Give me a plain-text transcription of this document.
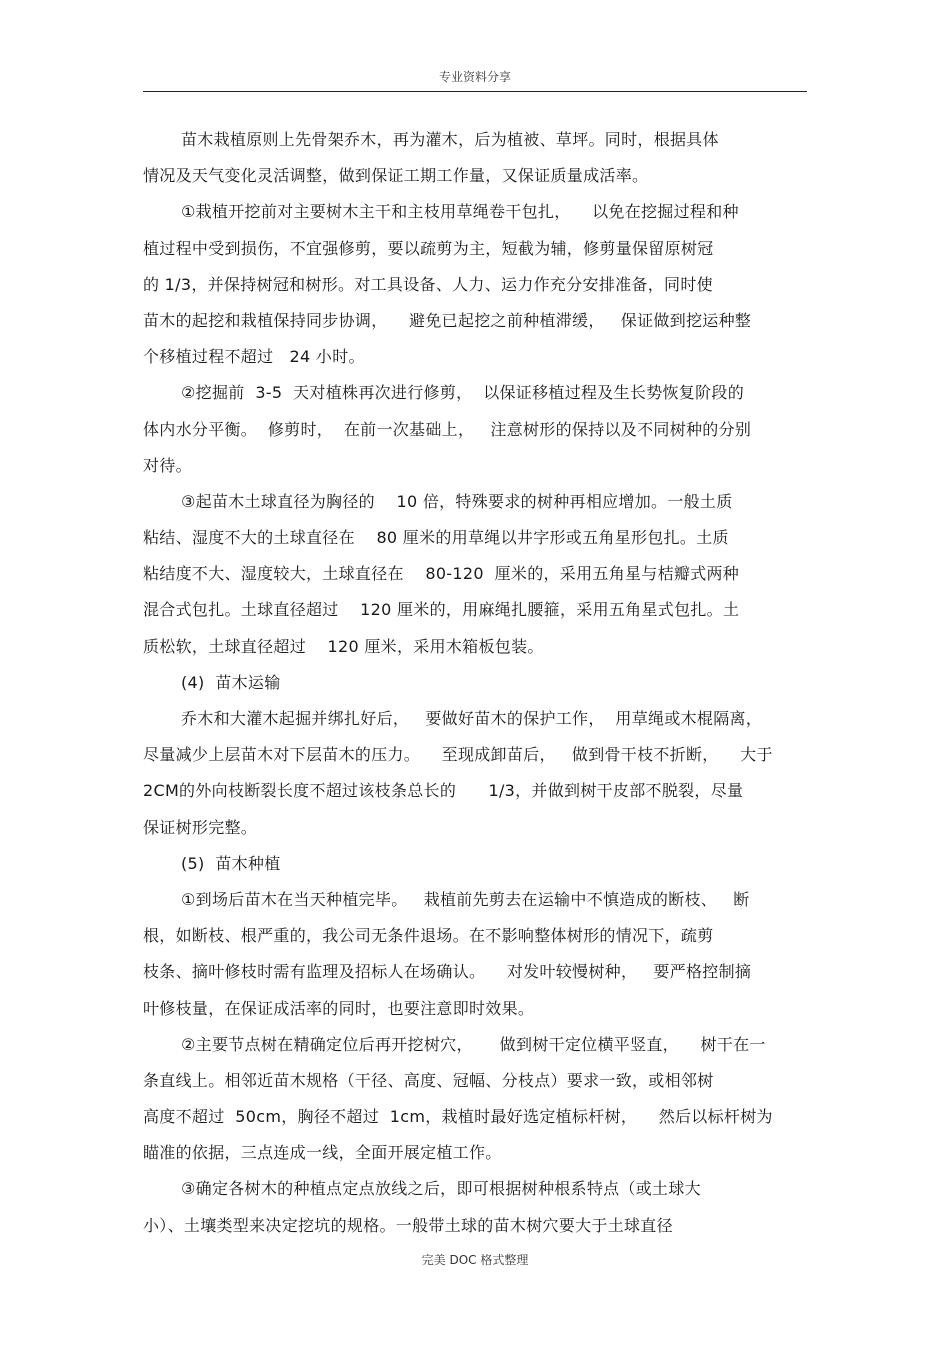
专业资料分享
苗木栽植原则上先骨架乔木，再为灌木，后为植被、草坪。同时，根据具体
情况及天气变化灵活调整，做到保证工期工作量，又保证质量成活率。
①栽植开挖前对主要树木主干和主枝用草绳卷干包扎，    以免在挖掘过程和种
植过程中受到损伤，不宜强修剪，要以疏剪为主，短截为辅，修剪量保留原树冠
的 1/3，并保持树冠和树形。对工具设备、人力、运力作充分安排准备，同时使
苗木的起挖和栽植保持同步协调，    避免已起挖之前种植滞缓，   保证做到挖运种整
个移植过程不超过   24 小时。
②挖掘前  3-5  天对植株再次进行修剪，  以保证移植过程及生长势恢复阶段的
体内水分平衡。  修剪时，  在前一次基础上，   注意树形的保持以及不同树种的分别
对待。
③起苗木土球直径为胸径的    10 倍，特殊要求的树种再相应增加。一般土质
粘结、湿度不大的土球直径在    80 厘米的用草绳以井字形或五角星形包扎。土质
粘结度不大、湿度较大，土球直径在    80-120  厘米的，采用五角星与桔瓣式两种
混合式包扎。土球直径超过    120 厘米的，用麻绳扎腰箍，采用五角星式包扎。土
质松软，土球直径超过    120 厘米，采用木箱板包装。
(4)  苗木运输
乔木和大灌木起掘并绑扎好后，   要做好苗木的保护工作，  用草绳或木棍隔离，
尽量减少上层苗木对下层苗木的压力。    至现成卸苗后，   做到骨干枝不折断，    大于
2CM的外向枝断裂长度不超过该枝条总长的      1/3，并做到树干皮部不脱裂，尽量
保证树形完整。
(5)  苗木种植
①到场后苗木在当天种植完毕。   栽植前先剪去在运输中不慎造成的断枝、   断
根，如断枝、根严重的，我公司无条件退场。在不影响整体树形的情况下，疏剪
枝条、摘叶修枝时需有监理及招标人在场确认。    对发叶较慢树种，   要严格控制摘
叶修枝量，在保证成活率的同时，也要注意即时效果。
②主要节点树在精确定位后再开挖树穴，     做到树干定位横平竖直，    树干在一
条直线上。相邻近苗木规格（干径、高度、冠幅、分枝点）要求一致，或相邻树
高度不超过  50cm，胸径不超过  1cm，栽植时最好选定植标杆树，    然后以标杆树为
瞄准的依据，三点连成一线，全面开展定植工作。
③确定各树木的种植点定点放线之后，即可根据树种根系特点（或土球大
小）、土壤类型来决定挖坑的规格。一般带土球的苗木树穴要大于土球直径
完美 DOC 格式整理
